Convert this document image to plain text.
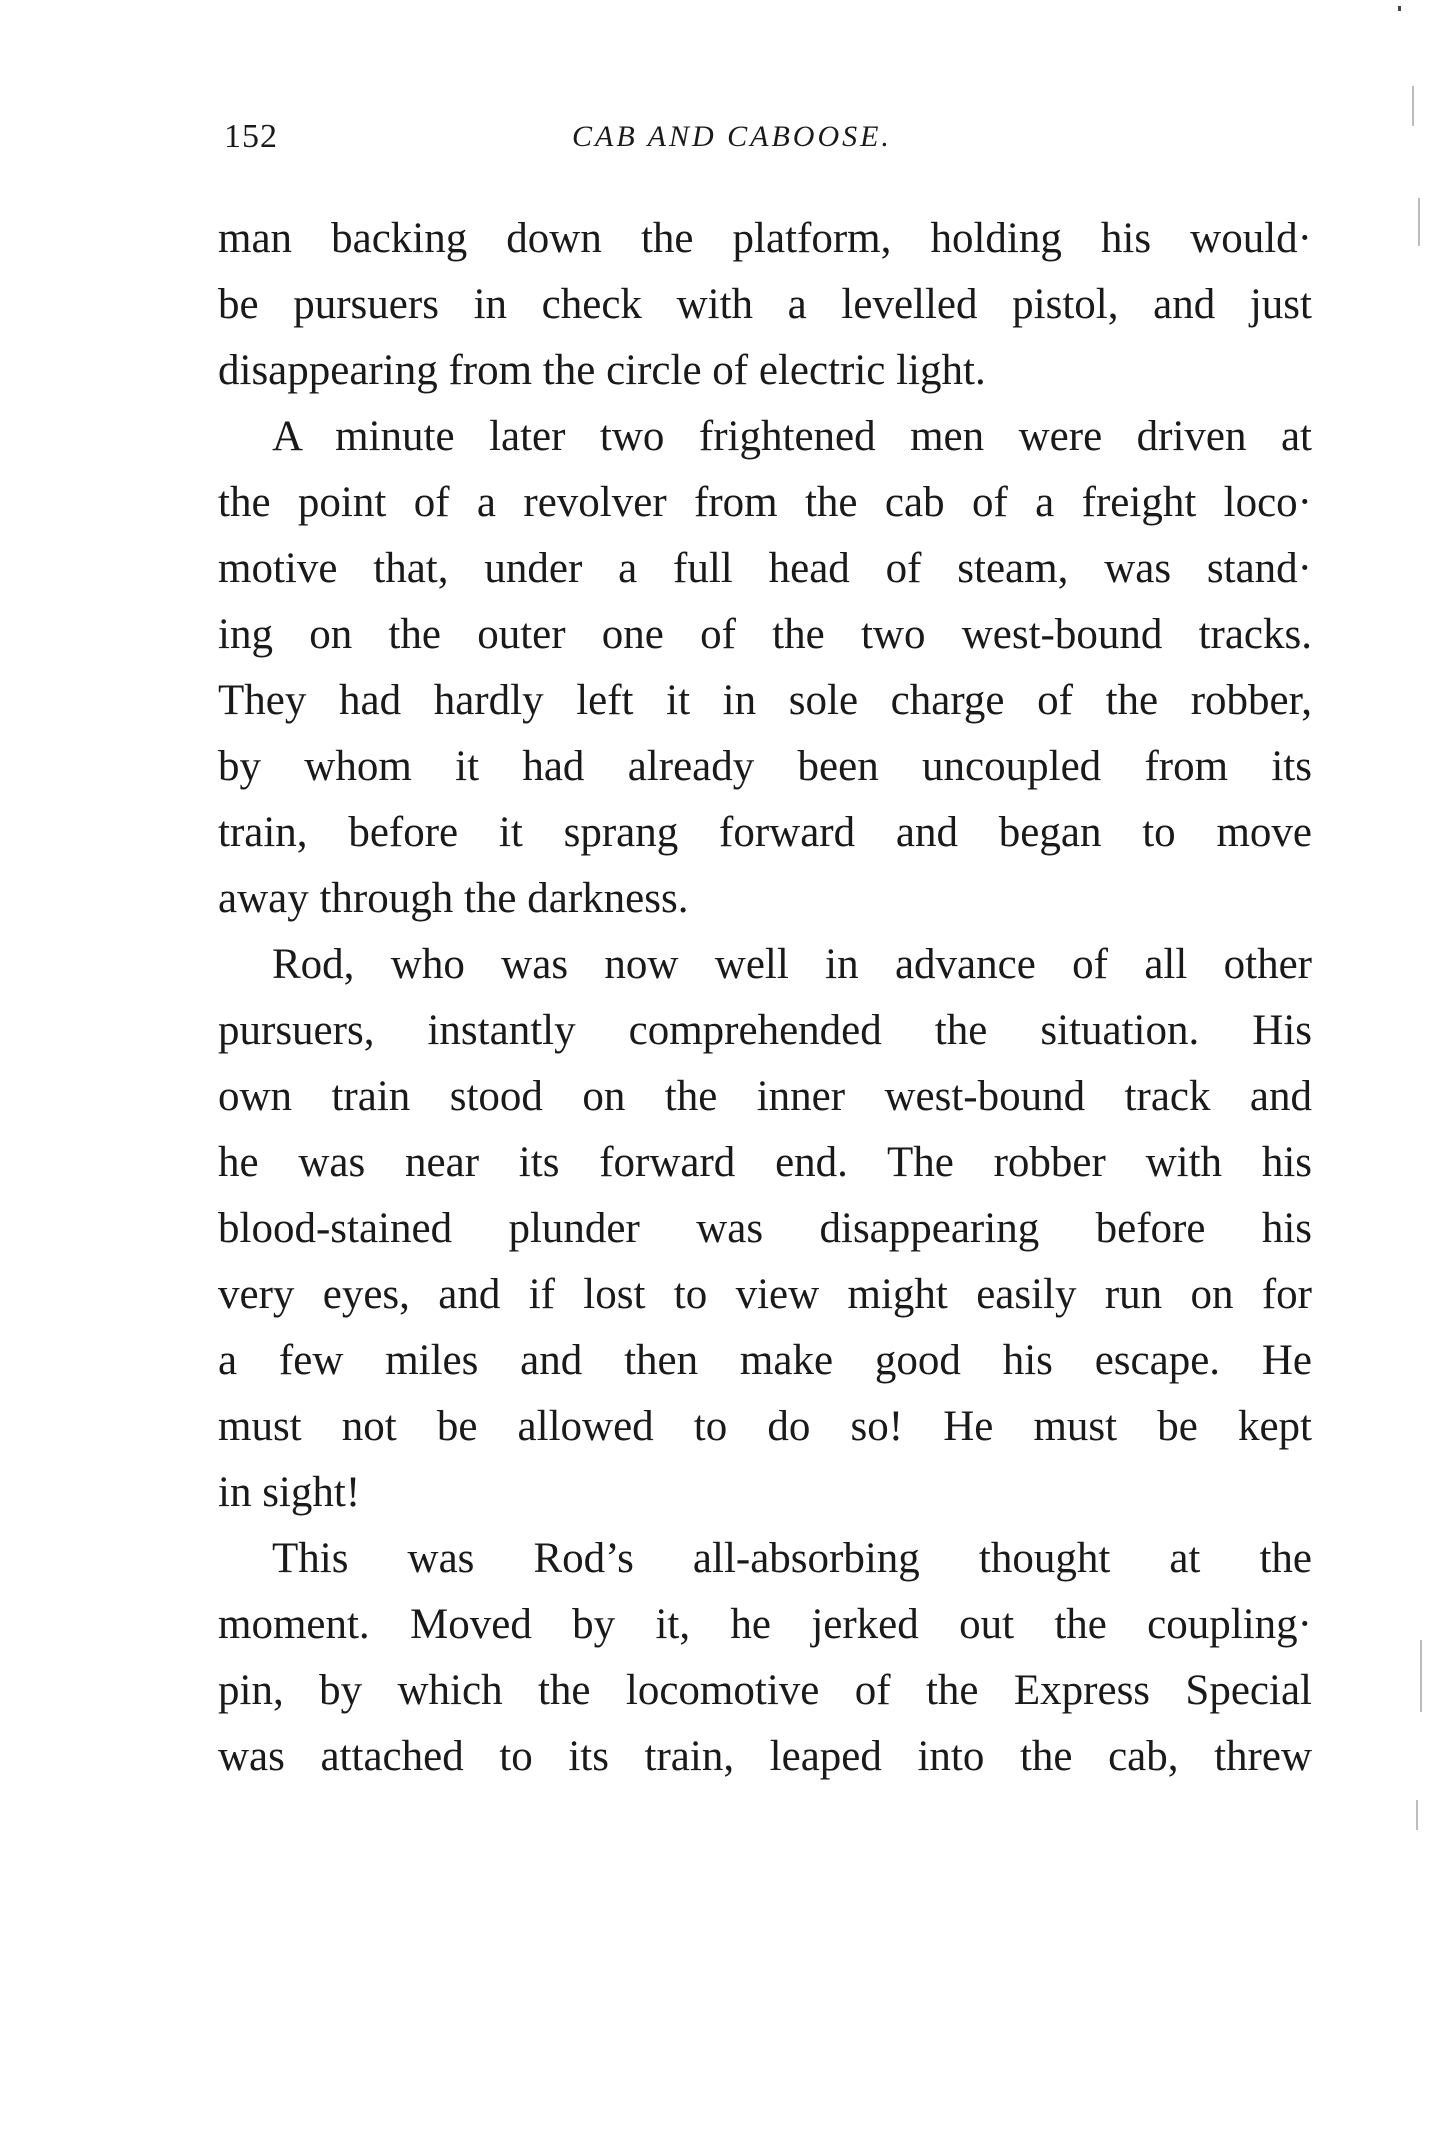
152	CAB AND CABOOSE.
man backing down the platform, holding his would·
be pursuers in check with a levelled pistol, and just
disappearing from the circle of electric light.
A minute later two frightened men were driven at
the point of a revolver from the cab of a freight loco·
motive that, under a full head of steam, was stand·
ing on the outer one of the two west-bound tracks.
They had hardly left it in sole charge of the robber,
by whom it had already been uncoupled from its
train, before it sprang forward and began to move
away through the darkness.
Rod, who was now well in advance of all other
pursuers, instantly comprehended the situation. His
own train stood on the inner west-bound track and
he was near its forward end. The robber with his
blood-stained plunder was disappearing before his
very eyes, and if lost to view might easily run on for
a few miles and then make good his escape. He
must not be allowed to do so! He must be kept
in sight!
This was Rod’s all-absorbing thought at the
moment. Moved by it, he jerked out the coupling·
pin, by which the locomotive of the Express Special
was attached to its train, leaped into the cab, threw
